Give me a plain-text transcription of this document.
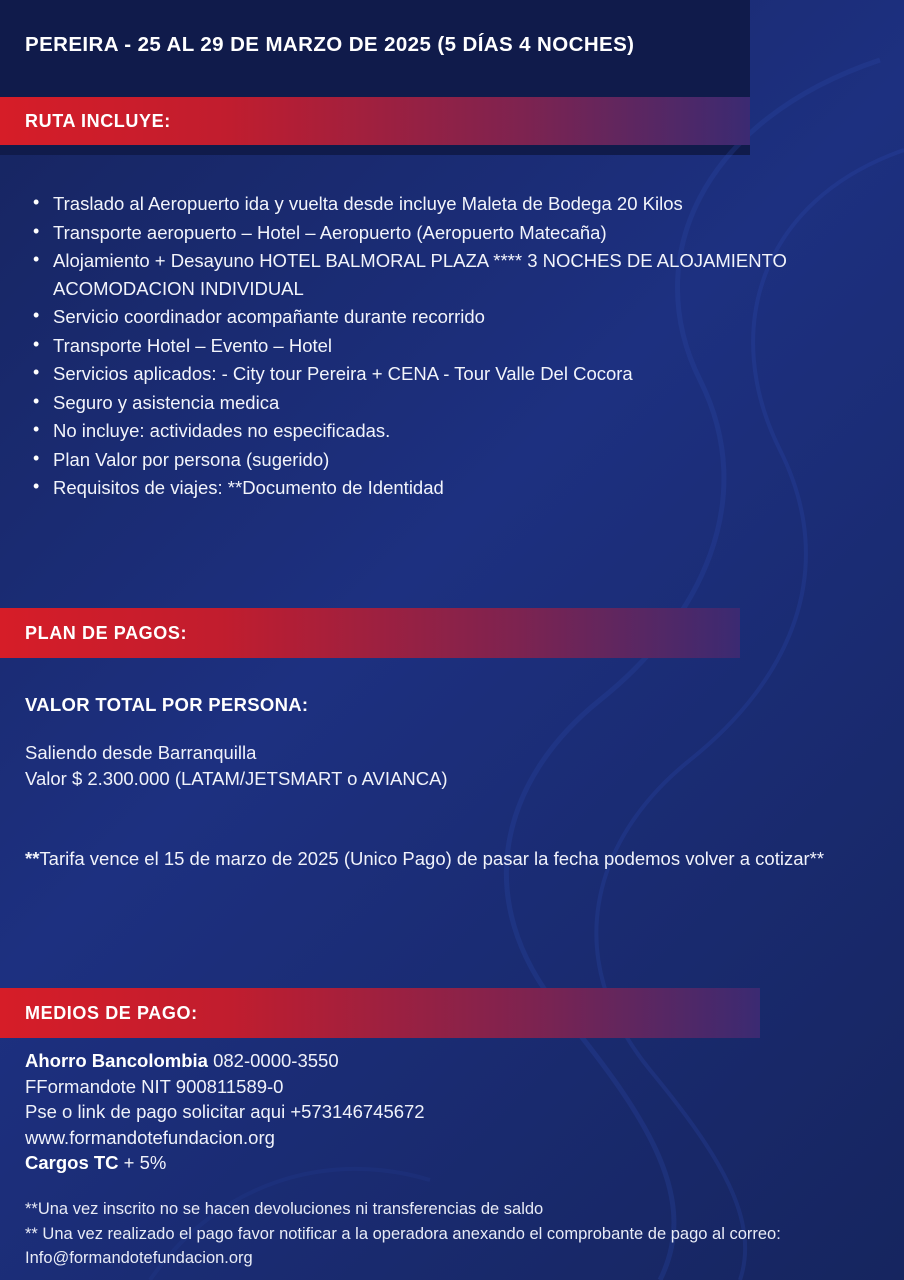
PEREIRA - 25 AL 29 DE MARZO DE 2025 (5 DÍAS 4 NOCHES)
RUTA INCLUYE:
• Traslado al Aeropuerto ida y vuelta desde incluye Maleta de Bodega 20 Kilos
• Transporte aeropuerto – Hotel – Aeropuerto (Aeropuerto Matecaña)
• Alojamiento + Desayuno HOTEL BALMORAL PLAZA **** 3 NOCHES DE ALOJAMIENTO ACOMODACION INDIVIDUAL
• Servicio coordinador acompañante durante recorrido
• Transporte Hotel – Evento – Hotel
• Servicios aplicados: - City tour Pereira + CENA - Tour Valle Del Cocora
• Seguro y asistencia medica
• No incluye: actividades no especificadas.
• Plan Valor por persona (sugerido)
• Requisitos de viajes: **Documento de Identidad
PLAN DE PAGOS:
VALOR TOTAL POR PERSONA:
Saliendo desde Barranquilla
Valor $ 2.300.000 (LATAM/JETSMART o AVIANCA)
**Tarifa vence el 15 de marzo de 2025 (Unico Pago) de pasar la fecha podemos volver a cotizar**
MEDIOS DE PAGO:
Ahorro Bancolombia 082-0000-3550
FFormandote NIT 900811589-0
Pse o link de pago solicitar aqui +573146745672
www.formandotefundacion.org
Cargos TC + 5%
**Una vez inscrito no se hacen devoluciones ni transferencias de saldo
** Una vez realizado el pago favor notificar a la operadora anexando el comprobante de pago al correo: Info@formandotefundacion.org
